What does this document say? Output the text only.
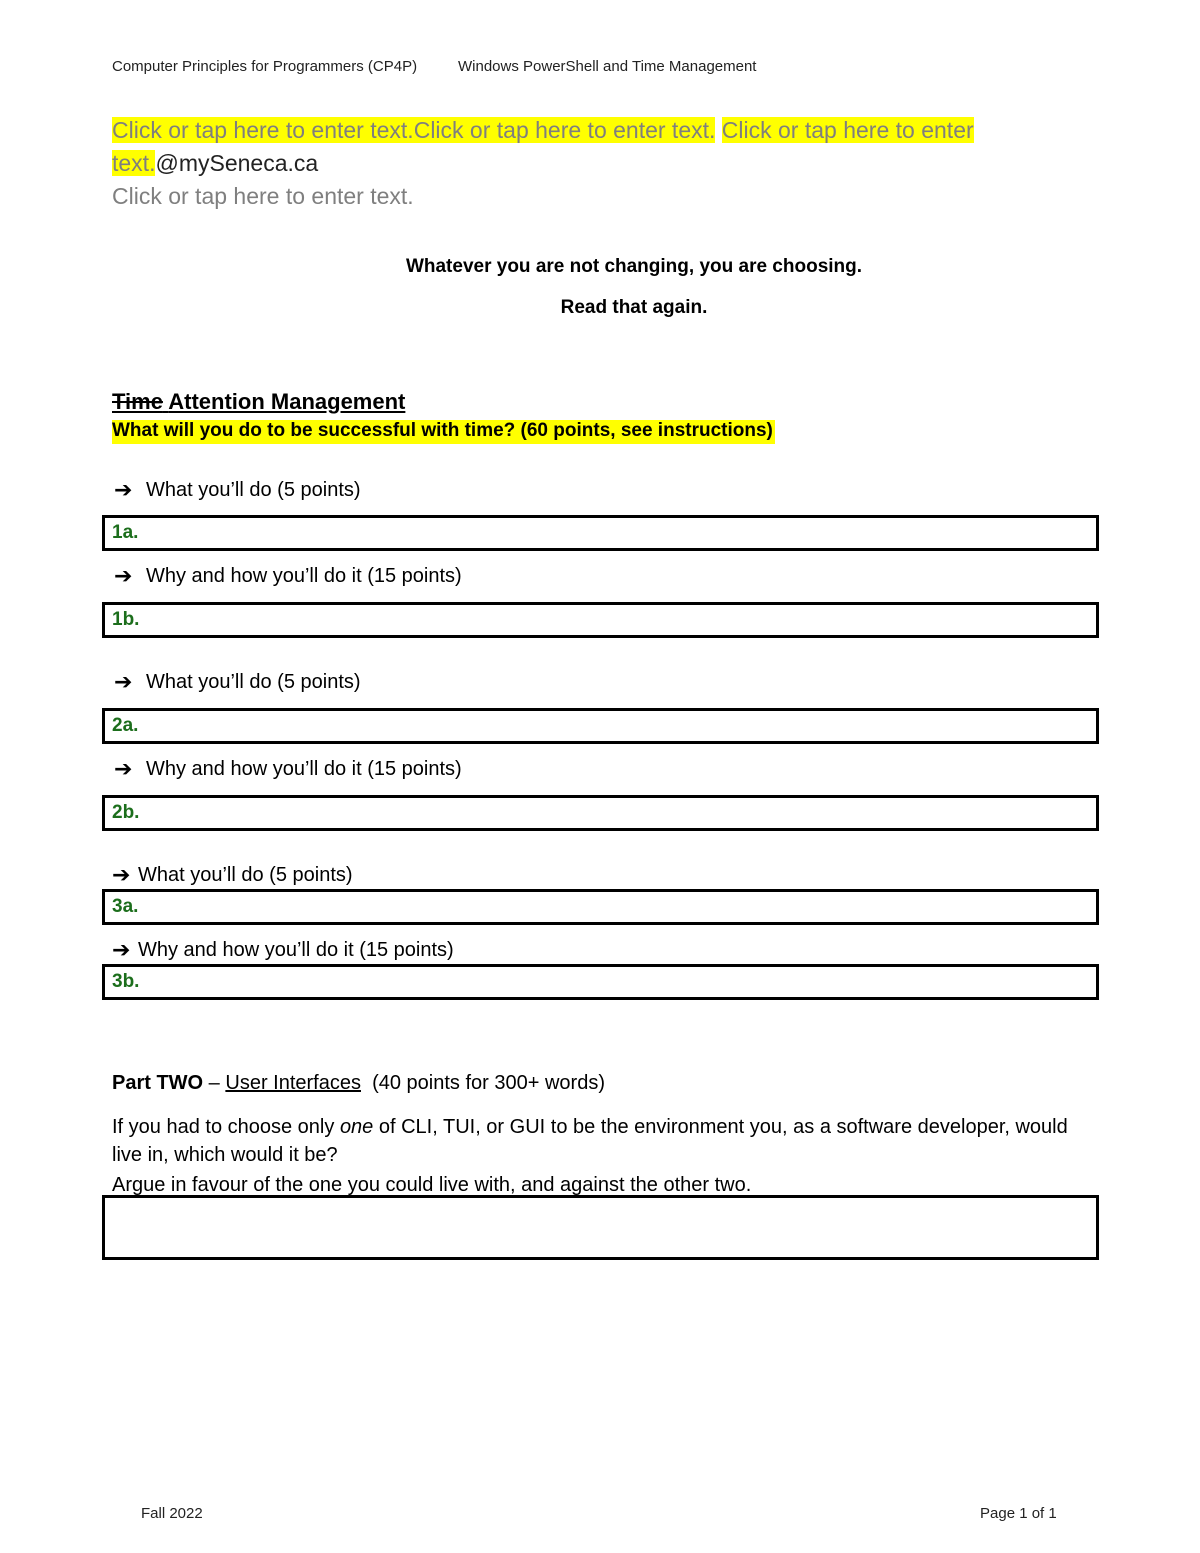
Computer Principles for Programmers (CP4P)	Windows PowerShell and Time Management
Click or tap here to enter text.Click or tap here to enter text. Click or tap here to enter
text.@mySeneca.ca
Click or tap here to enter text.
Whatever you are not changing, you are choosing.
Read that again.
Time Attention Management
What will you do to be successful with time? (60 points, see instructions)
➔ What you’ll do (5 points)
1a.
➔ Why and how you’ll do it (15 points)
1b.
➔ What you’ll do (5 points)
2a.
➔ Why and how you’ll do it (15 points)
2b.
➔ What you’ll do (5 points)
3a.
➔ Why and how you’ll do it (15 points)
3b.
Part TWO – User Interfaces  (40 points for 300+ words)
If you had to choose only one of CLI, TUI, or GUI to be the environment you, as a software developer, would live in, which would it be?
Argue in favour of the one you could live with, and against the other two.
Fall 2022	Page 1 of 1
